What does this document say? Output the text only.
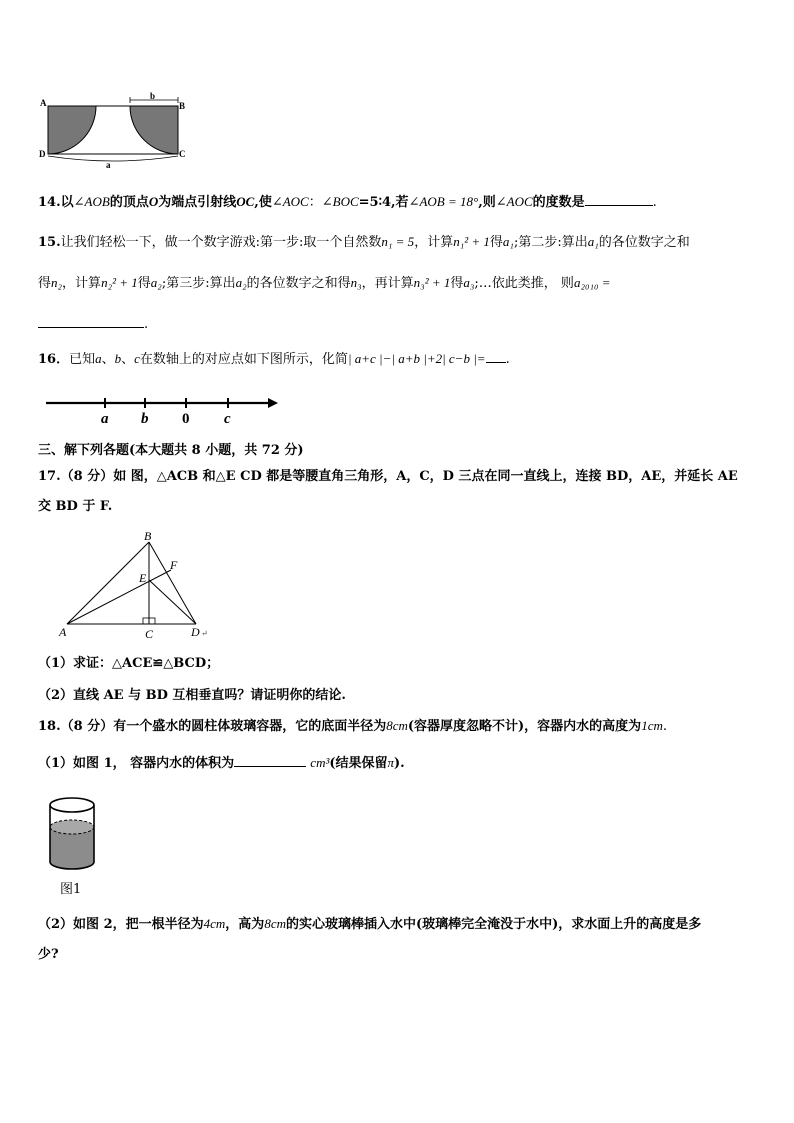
A	B
C
D
b
a
14.以∠AOB的顶点O为端点引射线OC,使∠AOC：∠BOC=5∶4,若∠AOB = 18°,则∠AOC的度数是	.
15.让我们轻松一下，做一个数字游戏:第一步:取一个自然数n₁ = 5，计算n₁² + 1得a₁;第二步:算出a₁的各位数字之和
得n₂，计算n₂² + 1得a₂;第三步:算出a₂的各位数字之和得n₃，再计算n₃² + 1得a₃;…依此类推， 则a₂₀₁₀ =
.
16．已知a、b、c在数轴上的对应点如下图所示，化简| a+c |−| a+b |+2| c−b |= .
a b 0 c
三、解下列各题(本大题共 8 小题，共 72 分)
17.（8 分）如 图，△ACB 和△E CD 都是等腰直角三角形，A，C，D 三点在同一直线上，连接 BD，AE，并延长 AE
交 BD 于 F.
B
E
F
A	C	D ↵
（1）求证：△ACE≌△BCD；
（2）直线 AE 与 BD 互相垂直吗？请证明你的结论.
18.（8 分）有一个盛水的圆柱体玻璃容器，它的底面半径为8cm(容器厚度忽略不计)，容器内水的高度为1cm.
（1）如图 1， 容器内水的体积为	cm³(结果保留π).
图1
（2）如图 2，把一根半径为4cm，高为8cm的实心玻璃棒插入水中(玻璃棒完全淹没于水中)，求水面上升的高度是多
少?
